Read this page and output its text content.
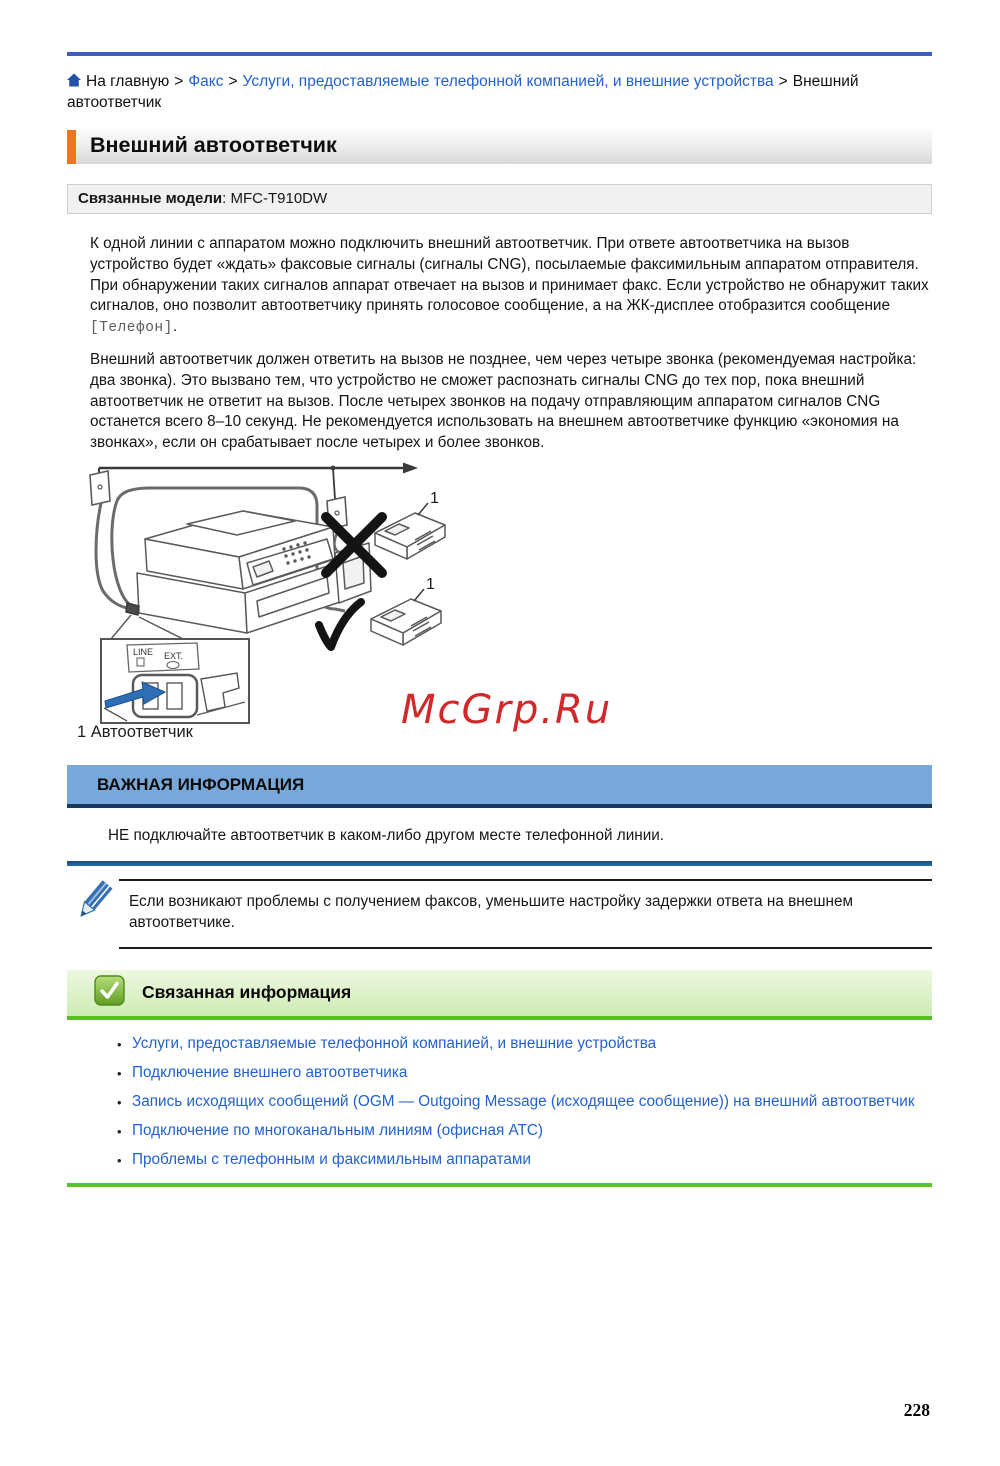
На главную > Факс > Услуги, предоставляемые телефонной компанией, и внешние устройства > Внешний автоответчик
Внешний автоответчик
Связанные модели: MFC-T910DW

К одной линии с аппаратом можно подключить внешний автоответчик. При ответе автоответчика на вызов устройство будет «ждать» факсовые сигналы (сигналы CNG), посылаемые факсимильным аппаратом отправителя. При обнаружении таких сигналов аппарат отвечает на вызов и принимает факс. Если устройство не обнаружит таких сигналов, оно позволит автоответчику принять голосовое сообщение, а на ЖК-дисплее отобразится сообщение [Телефон].

Внешний автоответчик должен ответить на вызов не позднее, чем через четыре звонка (рекомендуемая настройка: два звонка). Это вызвано тем, что устройство не сможет распознать сигналы CNG до тех пор, пока внешний автоответчик не ответит на вызов. После четырех звонков на подачу отправляющим аппаратом сигналов CNG останется всего 8–10 секунд. Не рекомендуется использовать на внешнем автоответчике функцию «экономия на звонках», если он срабатывает после четырех и более звонков.

1
1
LINE EXT.
1 Автоответчик	McGrp.Ru
ВАЖНАЯ ИНФОРМАЦИЯ
НЕ подключайте автоответчик в каком-либо другом месте телефонной линии.
Если возникают проблемы с получением факсов, уменьшите настройку задержки ответа на внешнем автоответчике.
Связанная информация
• Услуги, предоставляемые телефонной компанией, и внешние устройства
• Подключение внешнего автоответчика
• Запись исходящих сообщений (OGM — Outgoing Message (исходящее сообщение)) на внешний автоответчик
• Подключение по многоканальным линиям (офисная АТС)
• Проблемы с телефонным и факсимильным аппаратами
228
